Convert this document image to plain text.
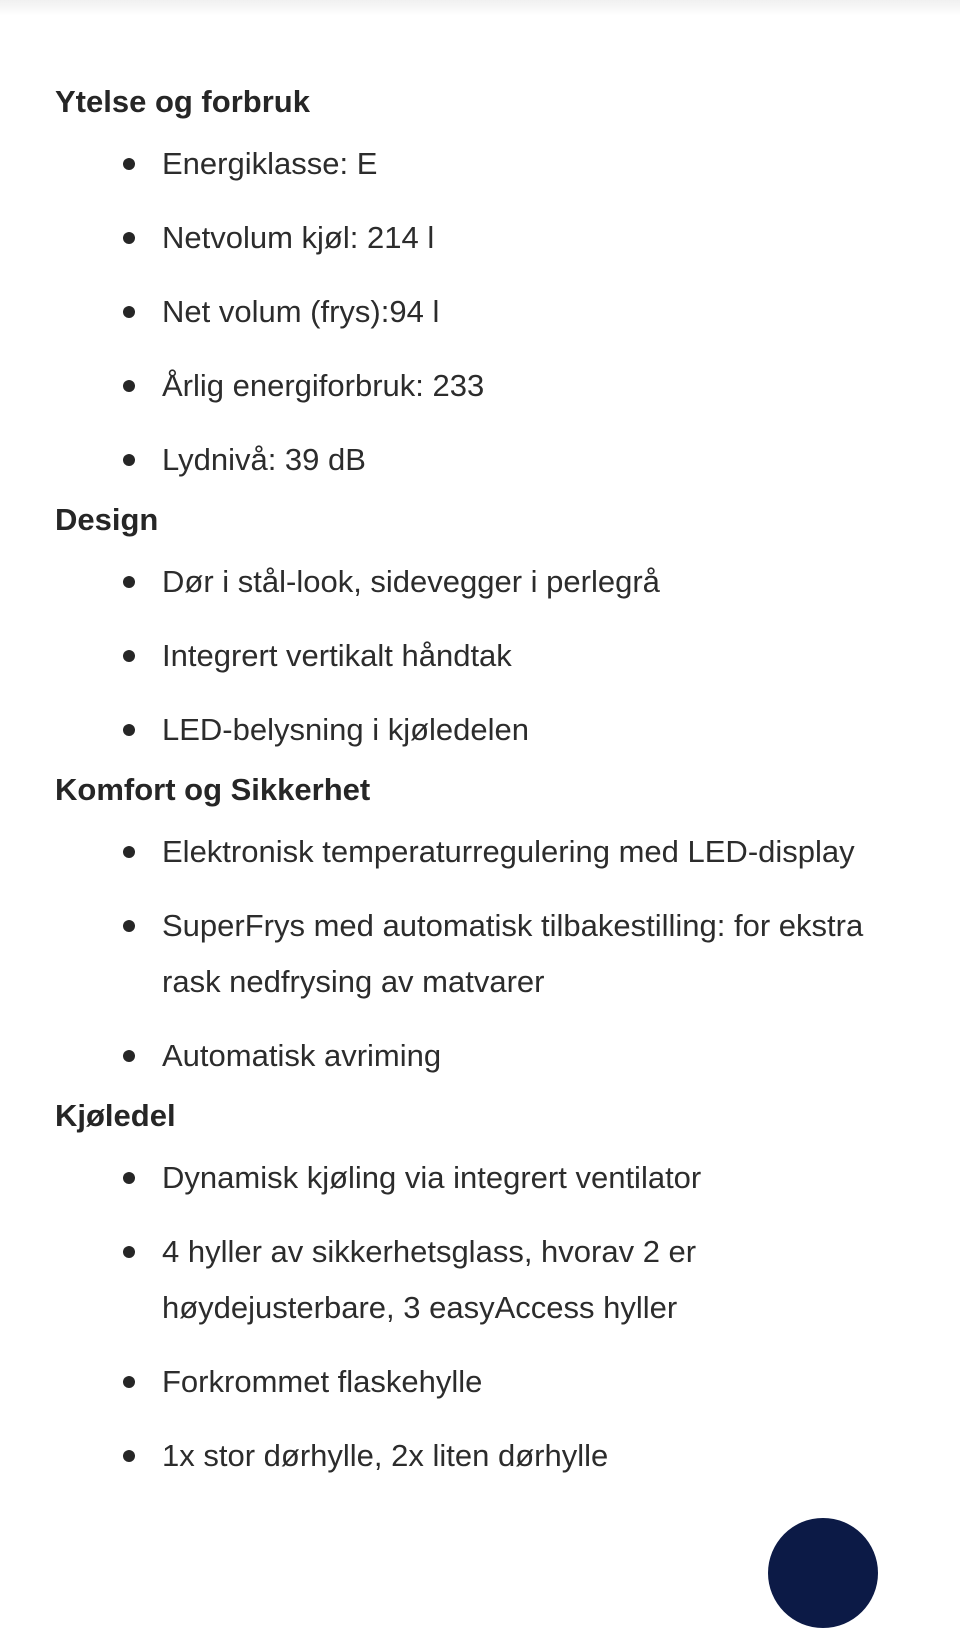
Ytelse og forbruk
Energiklasse: E
Netvolum kjøl: 214 l
Net volum (frys):94 l
Årlig energiforbruk: 233
Lydnivå: 39 dB
Design
Dør i stål-look, sidevegger i perlegrå
Integrert vertikalt håndtak
LED-belysning i kjøledelen
Komfort og Sikkerhet
Elektronisk temperaturregulering med LED-display
SuperFrys med automatisk tilbakestilling: for ekstra rask nedfrysing av matvarer
Automatisk avriming
Kjøledel
Dynamisk kjøling via integrert ventilator
4 hyller av sikkerhetsglass, hvorav 2 er høydejusterbare, 3 easyAccess hyller
Forkrommet flaskehylle
1x stor dørhylle, 2x liten dørhylle
